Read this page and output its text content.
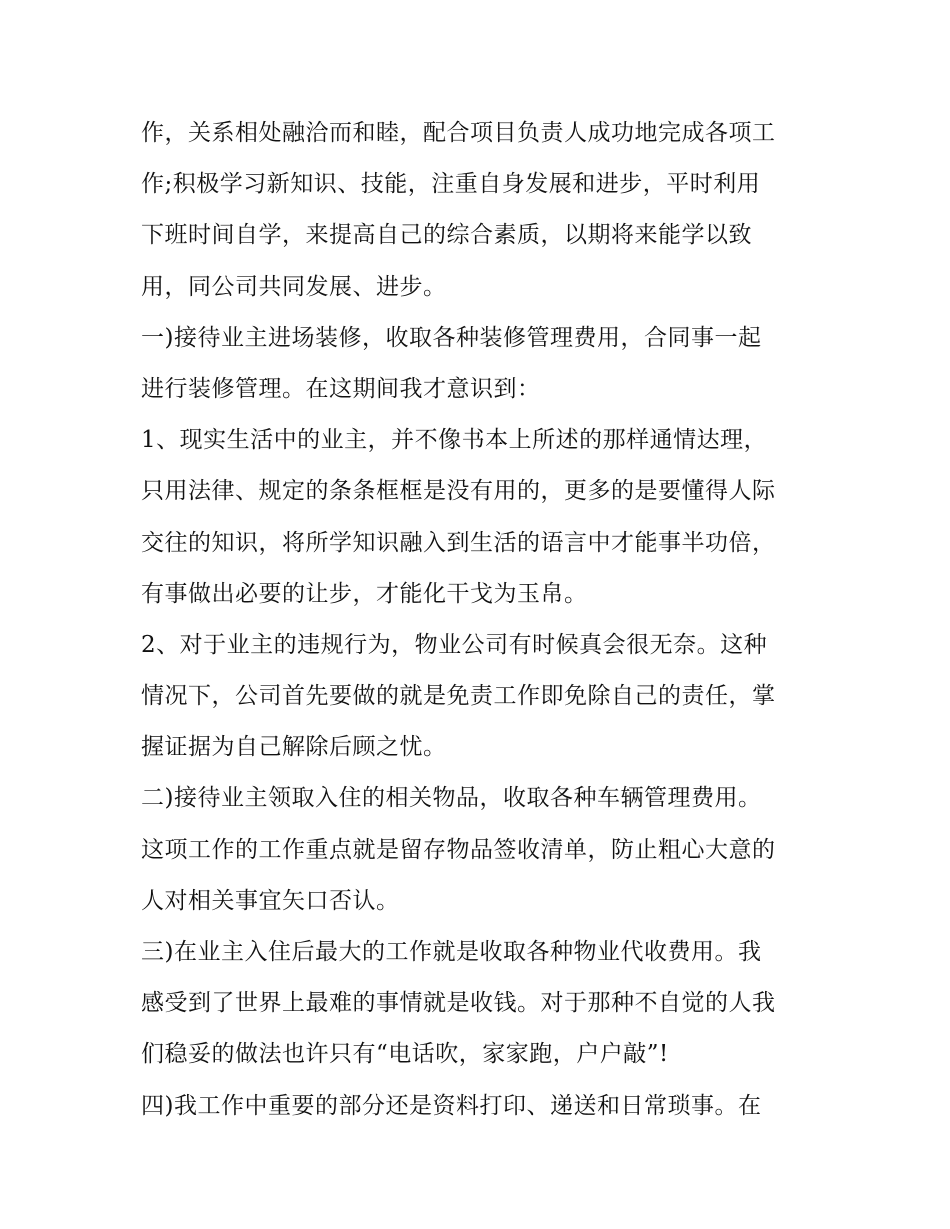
作，关系相处融洽而和睦，配合项目负责人成功地完成各项工
作;积极学习新知识、技能，注重自身发展和进步，平时利用
下班时间自学，来提高自己的综合素质，以期将来能学以致
用，同公司共同发展、进步。
一)接待业主进场装修，收取各种装修管理费用，合同事一起
进行装修管理。在这期间我才意识到：
1、现实生活中的业主，并不像书本上所述的那样通情达理，
只用法律、规定的条条框框是没有用的，更多的是要懂得人际
交往的知识，将所学知识融入到生活的语言中才能事半功倍，
有事做出必要的让步，才能化干戈为玉帛。
2、对于业主的违规行为，物业公司有时候真会很无奈。这种
情况下，公司首先要做的就是免责工作即免除自己的责任，掌
握证据为自己解除后顾之忧。
二)接待业主领取入住的相关物品，收取各种车辆管理费用。
这项工作的工作重点就是留存物品签收清单，防止粗心大意的
人对相关事宜矢口否认。
三)在业主入住后最大的工作就是收取各种物业代收费用。我
感受到了世界上最难的事情就是收钱。对于那种不自觉的人我
们稳妥的做法也许只有“电话吹，家家跑，户户敲”!
四)我工作中重要的部分还是资料打印、递送和日常琐事。在
